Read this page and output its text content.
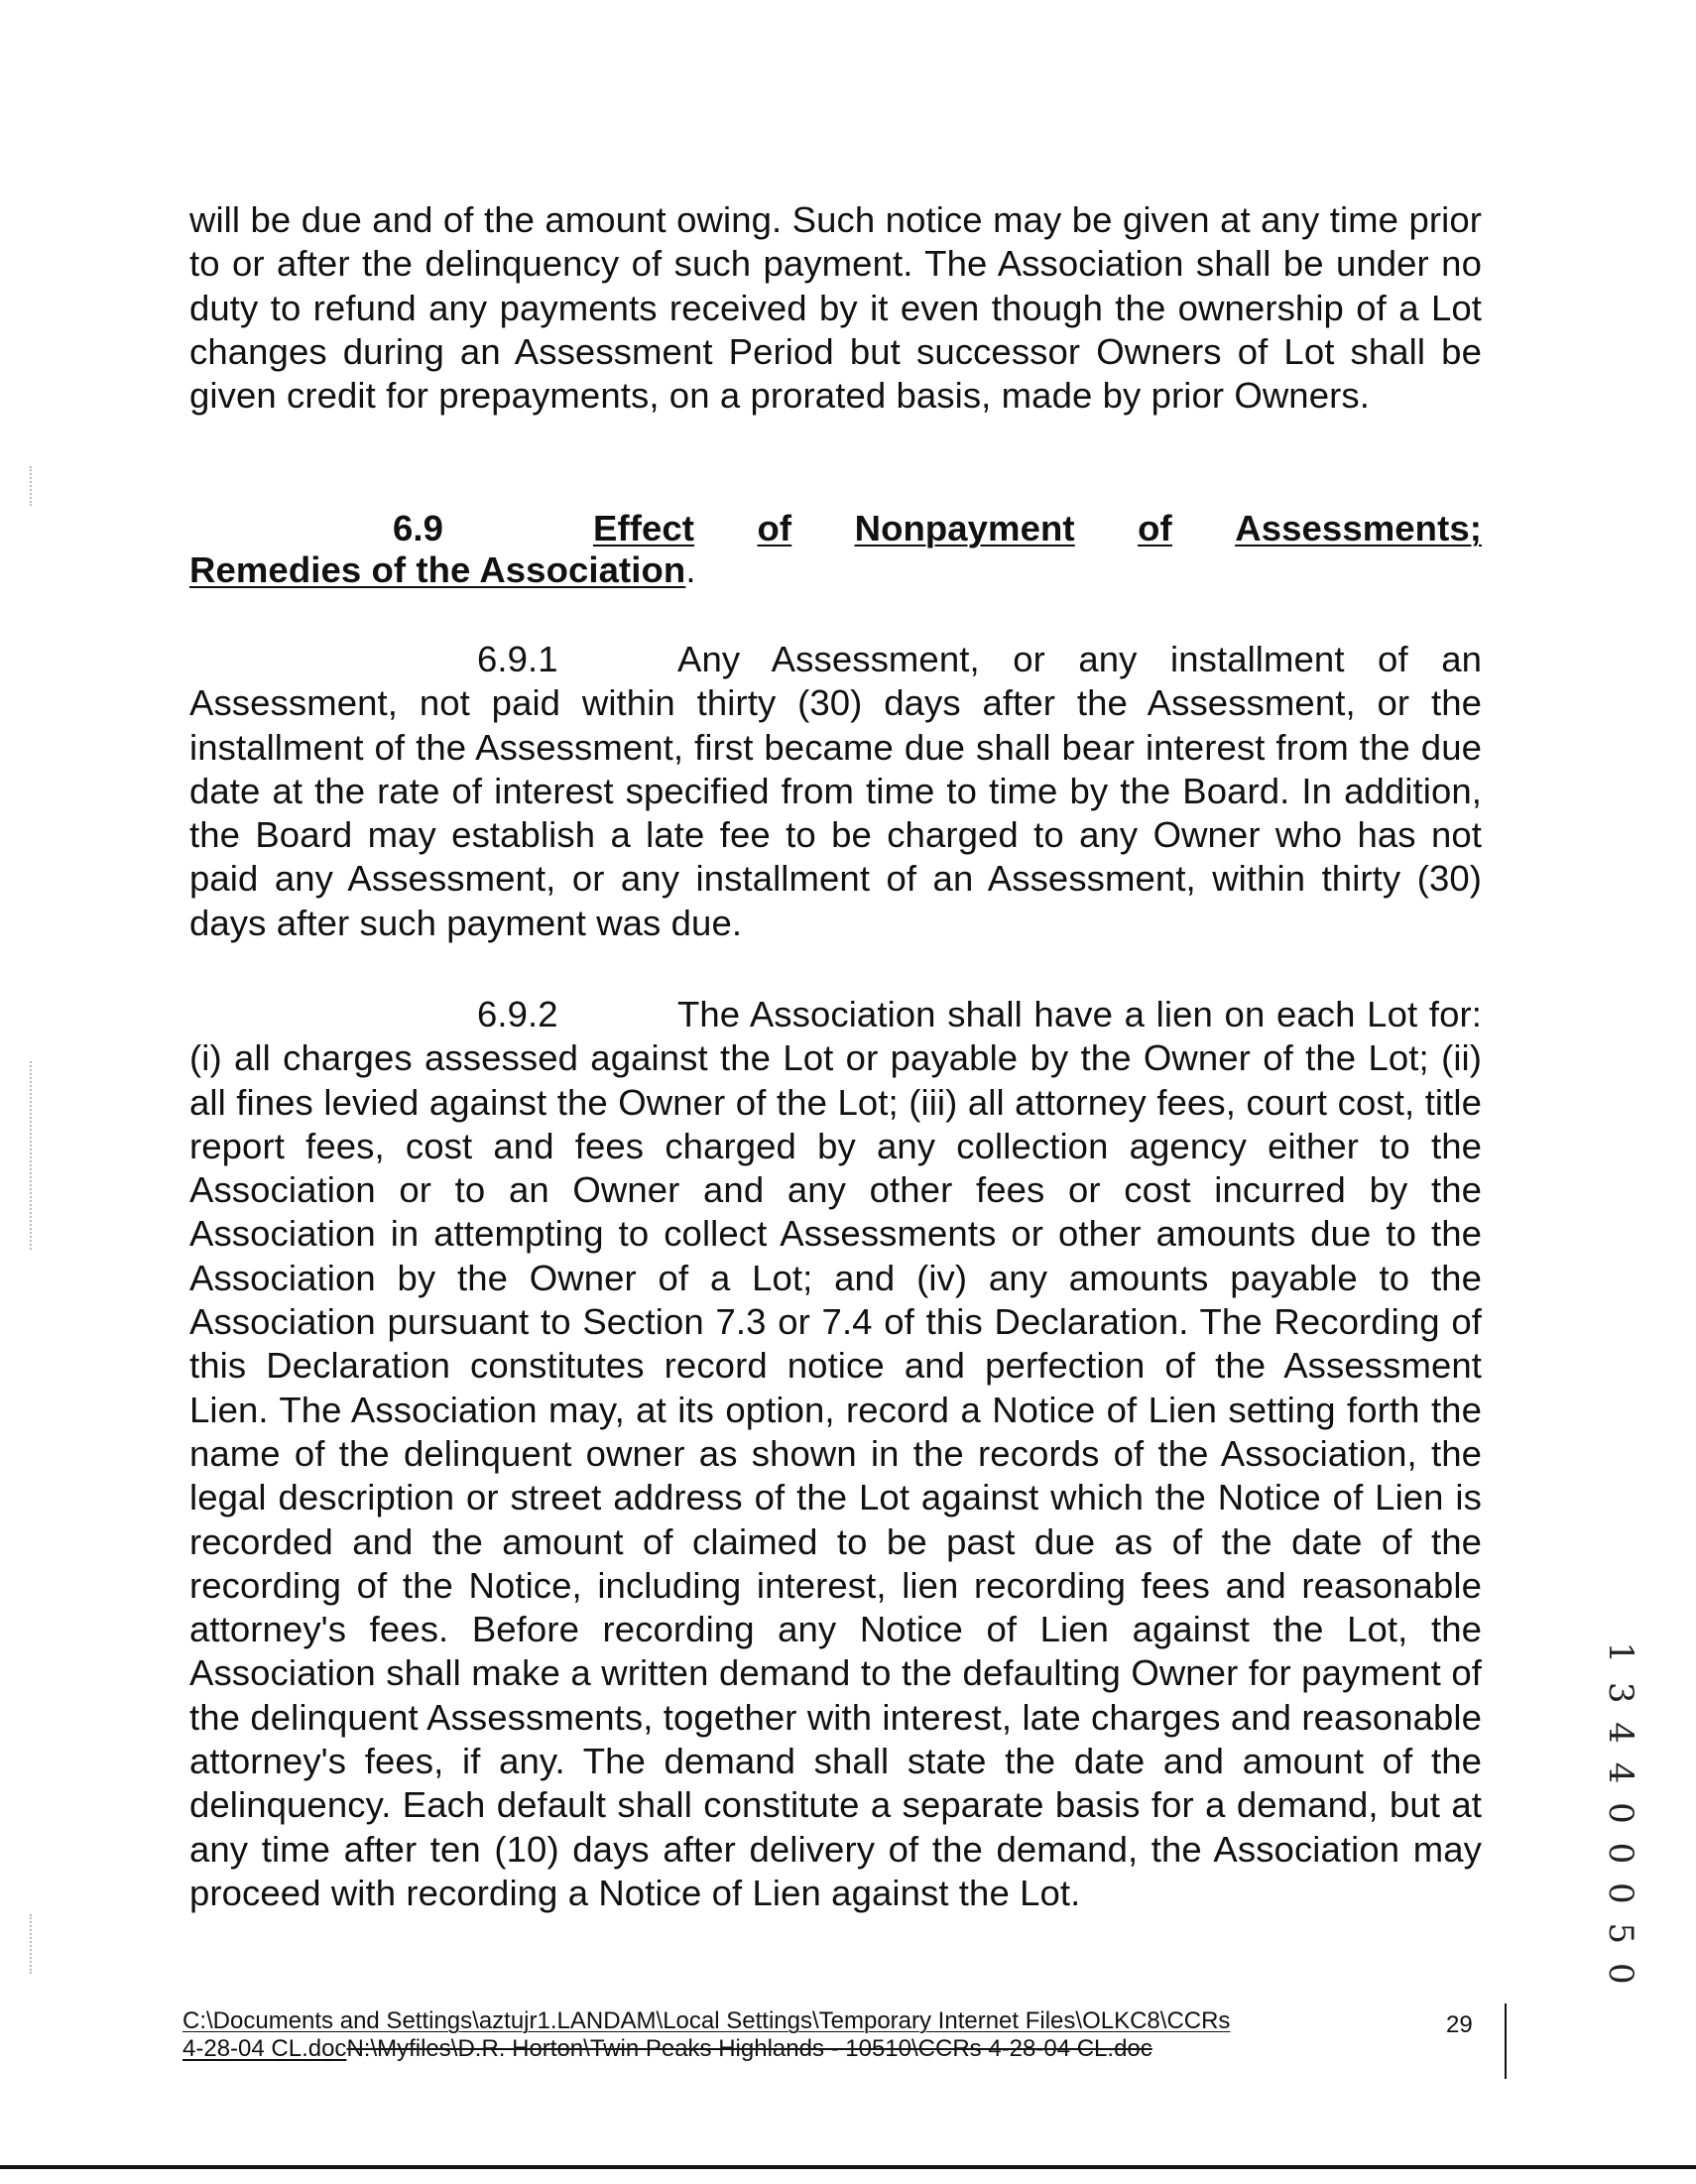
will be due and of the amount owing. Such notice may be given at any time prior to or after the delinquency of such payment. The Association shall be under no duty to refund any payments received by it even though the ownership of a Lot changes during an Assessment Period but successor Owners of Lot shall be given credit for prepayments, on a prorated basis, made by prior Owners.

6.9	Effect of Nonpayment of Assessments;
Remedies of the Association.

6.9.1	Any Assessment, or any installment of an Assessment, not paid within thirty (30) days after the Assessment, or the installment of the Assessment, first became due shall bear interest from the due date at the rate of interest specified from time to time by the Board. In addition, the Board may establish a late fee to be charged to any Owner who has not paid any Assessment, or any installment of an Assessment, within thirty (30) days after such payment was due.

6.9.2	The Association shall have a lien on each Lot for: (i) all charges assessed against the Lot or payable by the Owner of the Lot; (ii) all fines levied against the Owner of the Lot; (iii) all attorney fees, court cost, title report fees, cost and fees charged by any collection agency either to the Association or to an Owner and any other fees or cost incurred by the Association in attempting to collect Assessments or other amounts due to the Association by the Owner of a Lot; and (iv) any amounts payable to the Association pursuant to Section 7.3 or 7.4 of this Declaration. The Recording of this Declaration constitutes record notice and perfection of the Assessment Lien. The Association may, at its option, record a Notice of Lien setting forth the name of the delinquent owner as shown in the records of the Association, the legal description or street address of the Lot against which the Notice of Lien is recorded and the amount of claimed to be past due as of the date of the recording of the Notice, including interest, lien recording fees and reasonable attorney's fees. Before recording any Notice of Lien against the Lot, the Association shall make a written demand to the defaulting Owner for payment of the delinquent Assessments, together with interest, late charges and reasonable attorney's fees, if any. The demand shall state the date and amount of the delinquency. Each default shall constitute a separate basis for a demand, but at any time after ten (10) days after delivery of the demand, the Association may proceed with recording a Notice of Lien against the Lot.	1 3 4 4 0 0 0 5 0
C:\Documents and Settings\aztujr1.LANDAM\Local Settings\Temporary Internet Files\OLKC8\CCRs
4-28-04 CL.docN:\Myfiles\D.R. Horton\Twin Peaks Highlands - 10510\CCRs 4-28-04 CL.doc
29
